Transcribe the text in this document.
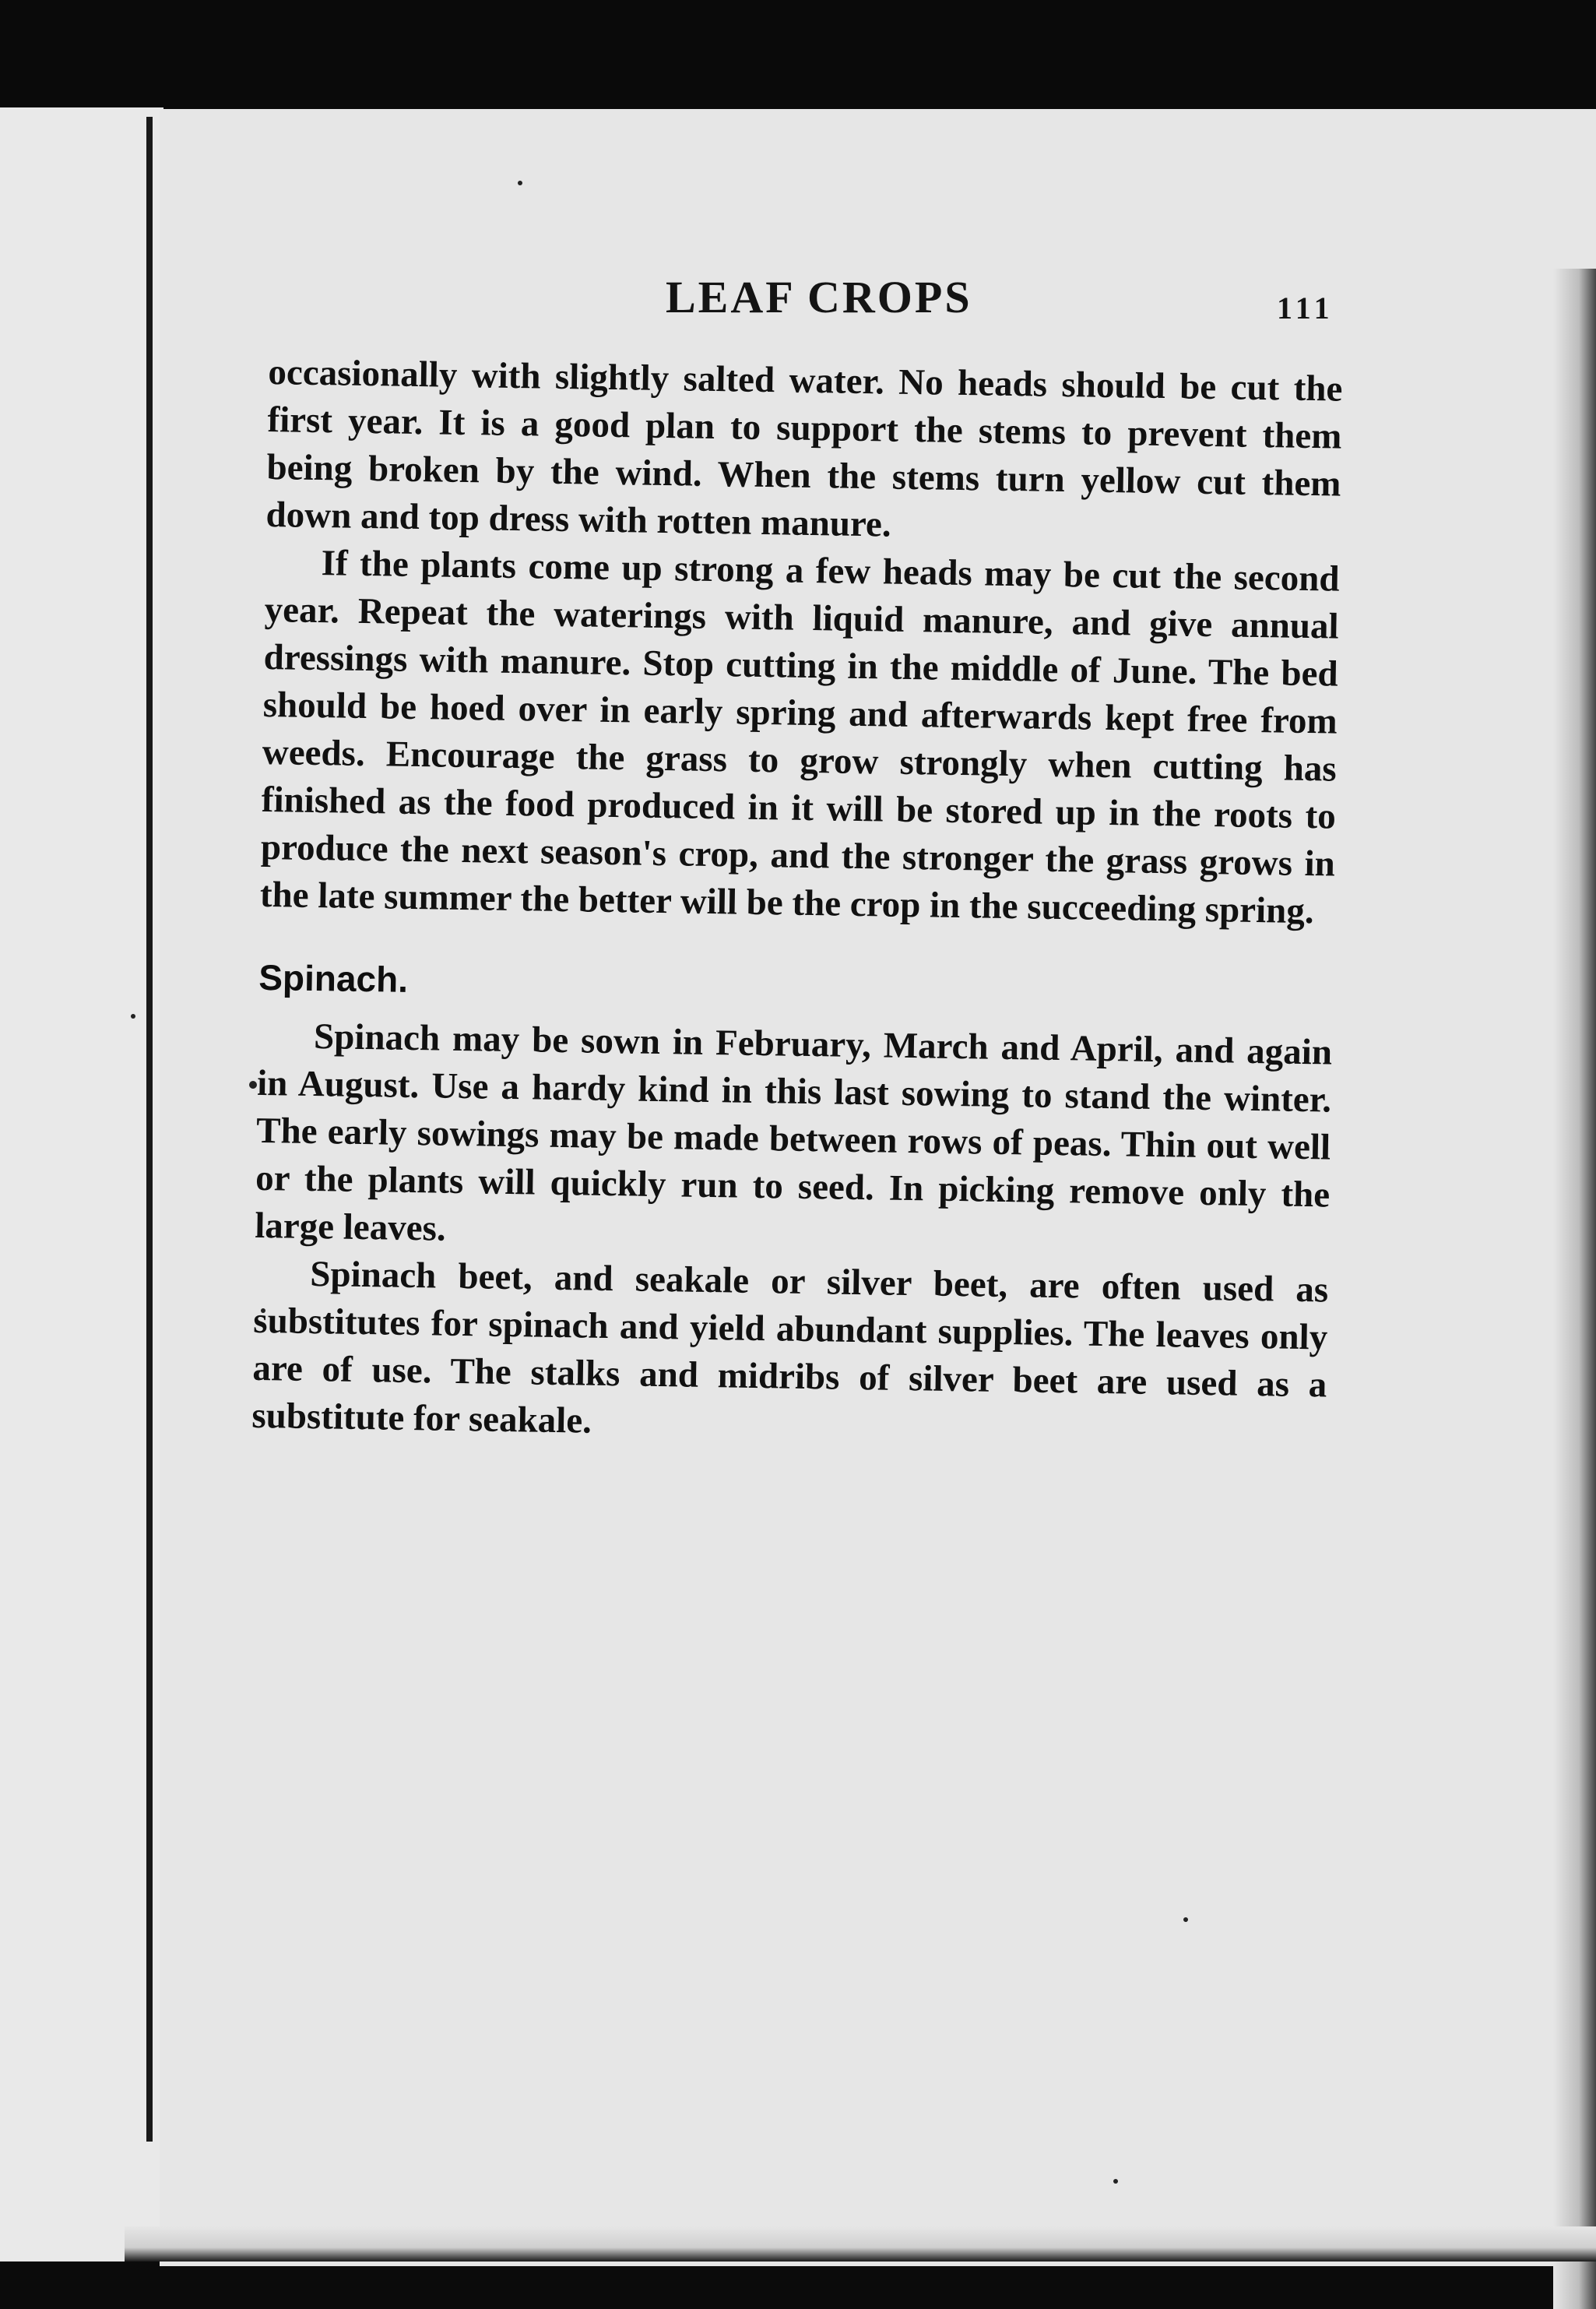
LEAF CROPS	111

occasionally with slightly salted water. No heads should be cut the first year. It is a good plan to support the stems to prevent them being broken by the wind. When the stems turn yellow cut them down and top dress with rotten manure.

If the plants come up strong a few heads may be cut the second year. Repeat the waterings with liquid manure, and give annual dressings with manure. Stop cutting in the middle of June. The bed should be hoed over in early spring and afterwards kept free from weeds. Encourage the grass to grow strongly when cutting has finished as the food produced in it will be stored up in the roots to produce the next season's crop, and the stronger the grass grows in the late summer the better will be the crop in the succeeding spring.

Spinach.

Spinach may be sown in February, March and April, and again in August. Use a hardy kind in this last sowing to stand the winter. The early sowings may be made between rows of peas. Thin out well or the plants will quickly run to seed. In picking remove only the large leaves.

Spinach beet, and seakale or silver beet, are often used as substitutes for spinach and yield abundant supplies. The leaves only are of use. The stalks and midribs of silver beet are used as a substitute for seakale.
